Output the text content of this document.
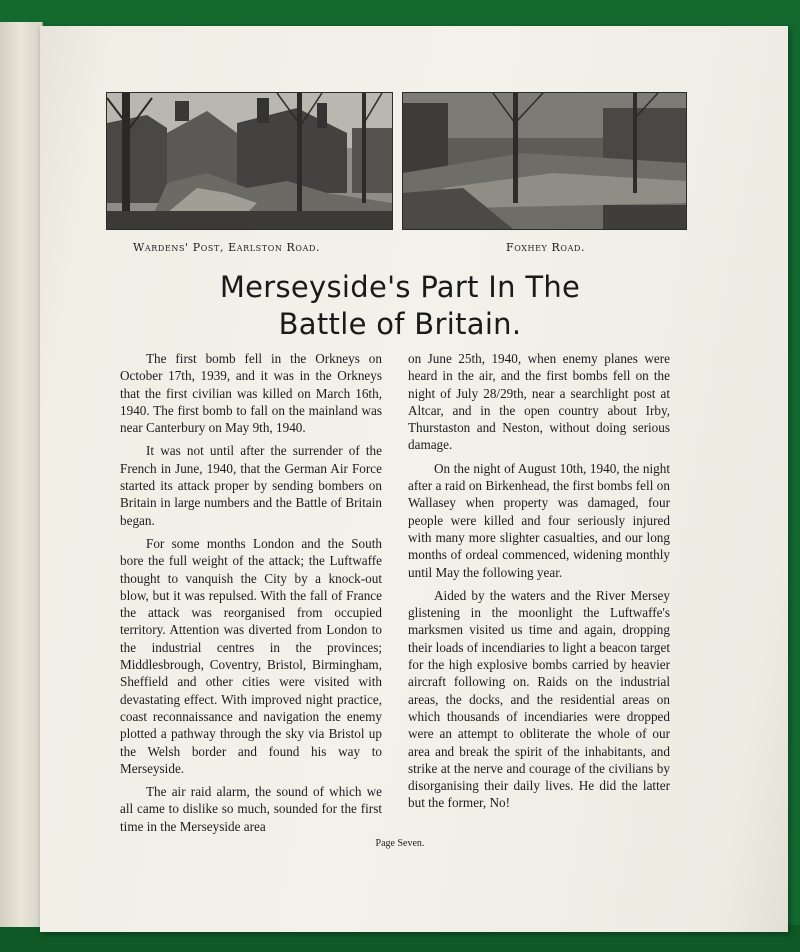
Wardens' Post, Earlston Road.	Foxhey Road.
Merseyside's Part In The
Battle of Britain.

The first bomb fell in the Orkneys on October 17th, 1939, and it was in the Orkneys that the first civilian was killed on March 16th, 1940. The first bomb to fall on the mainland was near Canterbury on May 9th, 1940.

It was not until after the surrender of the French in June, 1940, that the German Air Force started its attack proper by sending bombers on Britain in large numbers and the Battle of Britain began.

For some months London and the South bore the full weight of the attack; the Luftwaffe thought to vanquish the City by a knock-out blow, but it was repulsed. With the fall of France the attack was reorganised from occupied territory. Attention was diverted from London to the industrial centres in the provinces; Middlesbrough, Coventry, Bristol, Birmingham, Sheffield and other cities were visited with devastating effect. With improved night practice, coast reconnaissance and navigation the enemy plotted a pathway through the sky via Bristol up the Welsh border and found his way to Merseyside.

The air raid alarm, the sound of which we all came to dislike so much, sounded for the first time in the Merseyside area

on June 25th, 1940, when enemy planes were heard in the air, and the first bombs fell on the night of July 28/29th, near a searchlight post at Altcar, and in the open country about Irby, Thurstaston and Neston, without doing serious damage.

On the night of August 10th, 1940, the night after a raid on Birkenhead, the first bombs fell on Wallasey when property was damaged, four people were killed and four seriously injured with many more slighter casualties, and our long months of ordeal commenced, widening monthly until May the following year.

Aided by the waters and the River Mersey glistening in the moonlight the Luftwaffe's marksmen visited us time and again, dropping their loads of incendiaries to light a beacon target for the high explosive bombs carried by heavier aircraft following on. Raids on the industrial areas, the docks, and the residential areas on which thousands of incendiaries were dropped were an attempt to obliterate the whole of our area and break the spirit of the inhabitants, and strike at the nerve and courage of the civilians by disorganising their daily lives. He did the latter but the former, No!

Page Seven.
